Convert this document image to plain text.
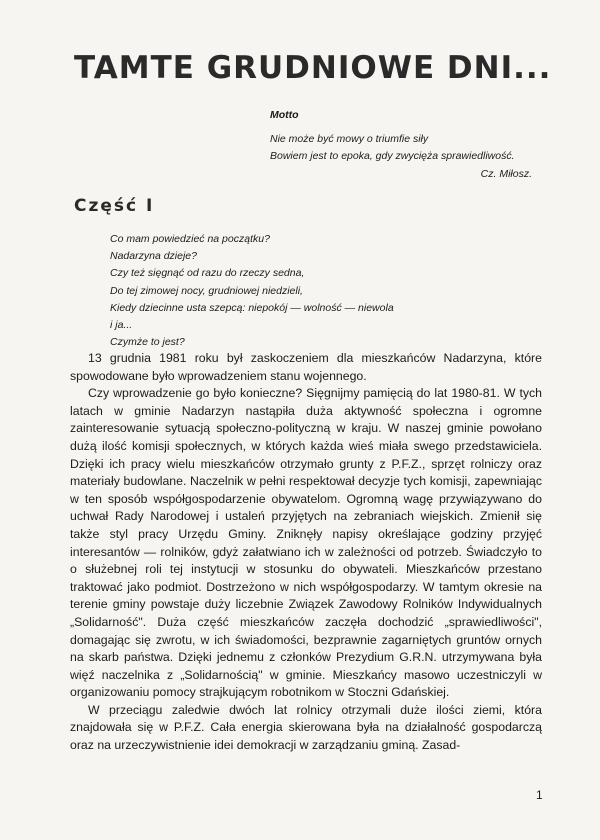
TAMTE GRUDNIOWE DNI...
Motto
Nie może być mowy o triumfie siły
Bowiem jest to epoka, gdy zwycięża sprawiedliwość.
Cz. Miłosz.
Część I
Co mam powiedzieć na początku?
Nadarzyna dzieje?
Czy też sięgnąć od razu do rzeczy sedna,
Do tej zimowej nocy, grudniowej niedzieli,
Kiedy dziecinne usta szepcą: niepokój — wolność — niewola
i ja...
Czymże to jest?

13 grudnia 1981 roku był zaskoczeniem dla mieszkańców Nadarzyna, które spowodowane było wprowadzeniem stanu wojennego.

Czy wprowadzenie go było konieczne? Sięgnijmy pamięcią do lat 1980-81. W tych latach w gminie Nadarzyn nastąpiła duża aktywność społeczna i ogromne zainteresowanie sytuacją społeczno-polityczną w kraju. W naszej gminie powołano dużą ilość komisji społecznych, w których każda wieś miała swego przedstawiciela. Dzięki ich pracy wielu mieszkańców otrzymało grunty z P.F.Z., sprzęt rolniczy oraz materiały budowlane. Naczelnik w pełni respektował decyzje tych komisji, zapewniając w ten sposób współgospodarzenie obywatelom. Ogromną wagę przywiązywano do uchwał Rady Narodowej i ustaleń przyjętych na zebraniach wiejskich. Zmienił się także styl pracy Urzędu Gminy. Zniknęły napisy określające godziny przyjęć interesantów — rolników, gdyż załatwiano ich w zależności od potrzeb. Świadczyło to o służebnej roli tej instytucji w stosunku do obywateli. Mieszkańców przestano traktować jako podmiot. Dostrzeżono w nich współgospodarzy. W tamtym okresie na terenie gminy powstaje duży liczebnie Związek Zawodowy Rolników Indywidualnych „Solidarność". Duża część mieszkańców zaczęła dochodzić „sprawiedliwości", domagając się zwrotu, w ich świadomości, bezprawnie zagarniętych gruntów ornych na skarb państwa. Dzięki jednemu z członków Prezydium G.R.N. utrzymywana była więź naczelnika z „Solidarnością" w gminie. Mieszkańcy masowo uczestniczyli w organizowaniu pomocy strajkującym robotnikom w Stoczni Gdańskiej.

W przeciągu zaledwie dwóch lat rolnicy otrzymali duże ilości ziemi, która znajdowała się w P.F.Z. Cała energia skierowana była na działalność gospodarczą oraz na urzeczywistnienie idei demokracji w zarządzaniu gminą. Zasad-

1
